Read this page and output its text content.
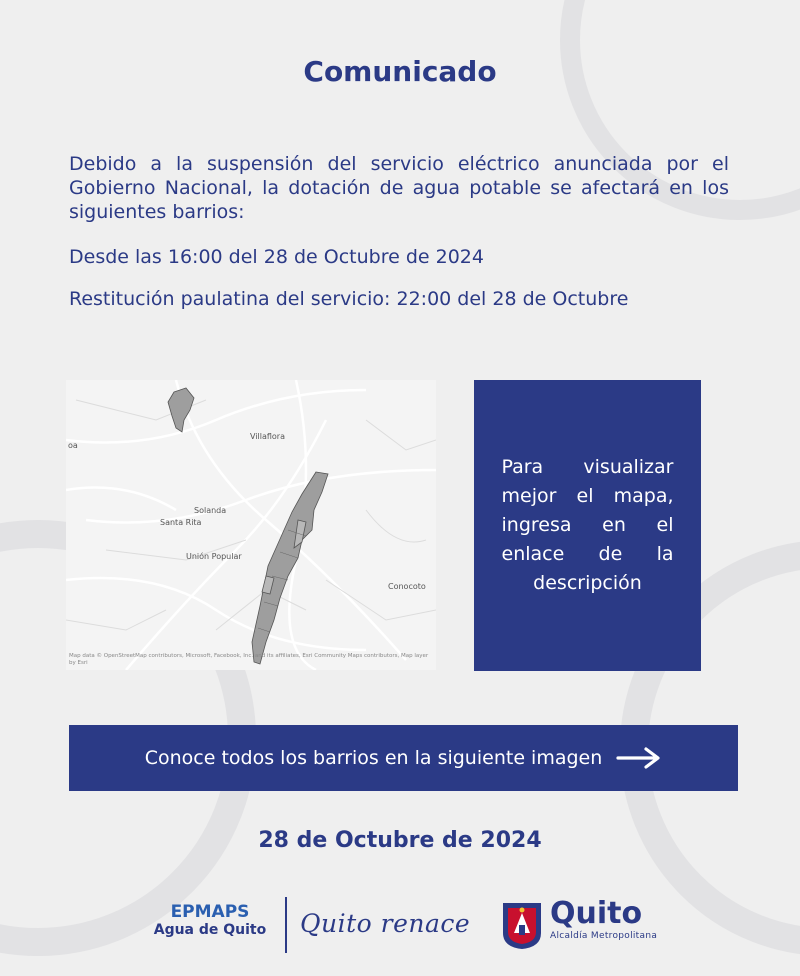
Comunicado
Debido a la suspensión del servicio eléctrico anunciada por el Gobierno Nacional, la dotación de agua potable se afectará en los siguientes barrios:
Desde las 16:00 del 28 de Octubre de 2024
Restitución paulatina del servicio: 22:00 del 28 de Octubre
Villaflora
oa
Solanda
Santa Rita
Unión Popular
Conocoto
Map data © OpenStreetMap contributors, Microsoft, Facebook, Inc. and its affiliates, Esri Community Maps contributors, Map layer by Esri
Para visualizar mejor el mapa, ingresa en el enlace de la descripción
Conoce todos los barrios en la siguiente imagen
28 de Octubre de 2024
EPMAPS
Agua de Quito	Quito renace	Quito
Alcaldía Metropolitana
